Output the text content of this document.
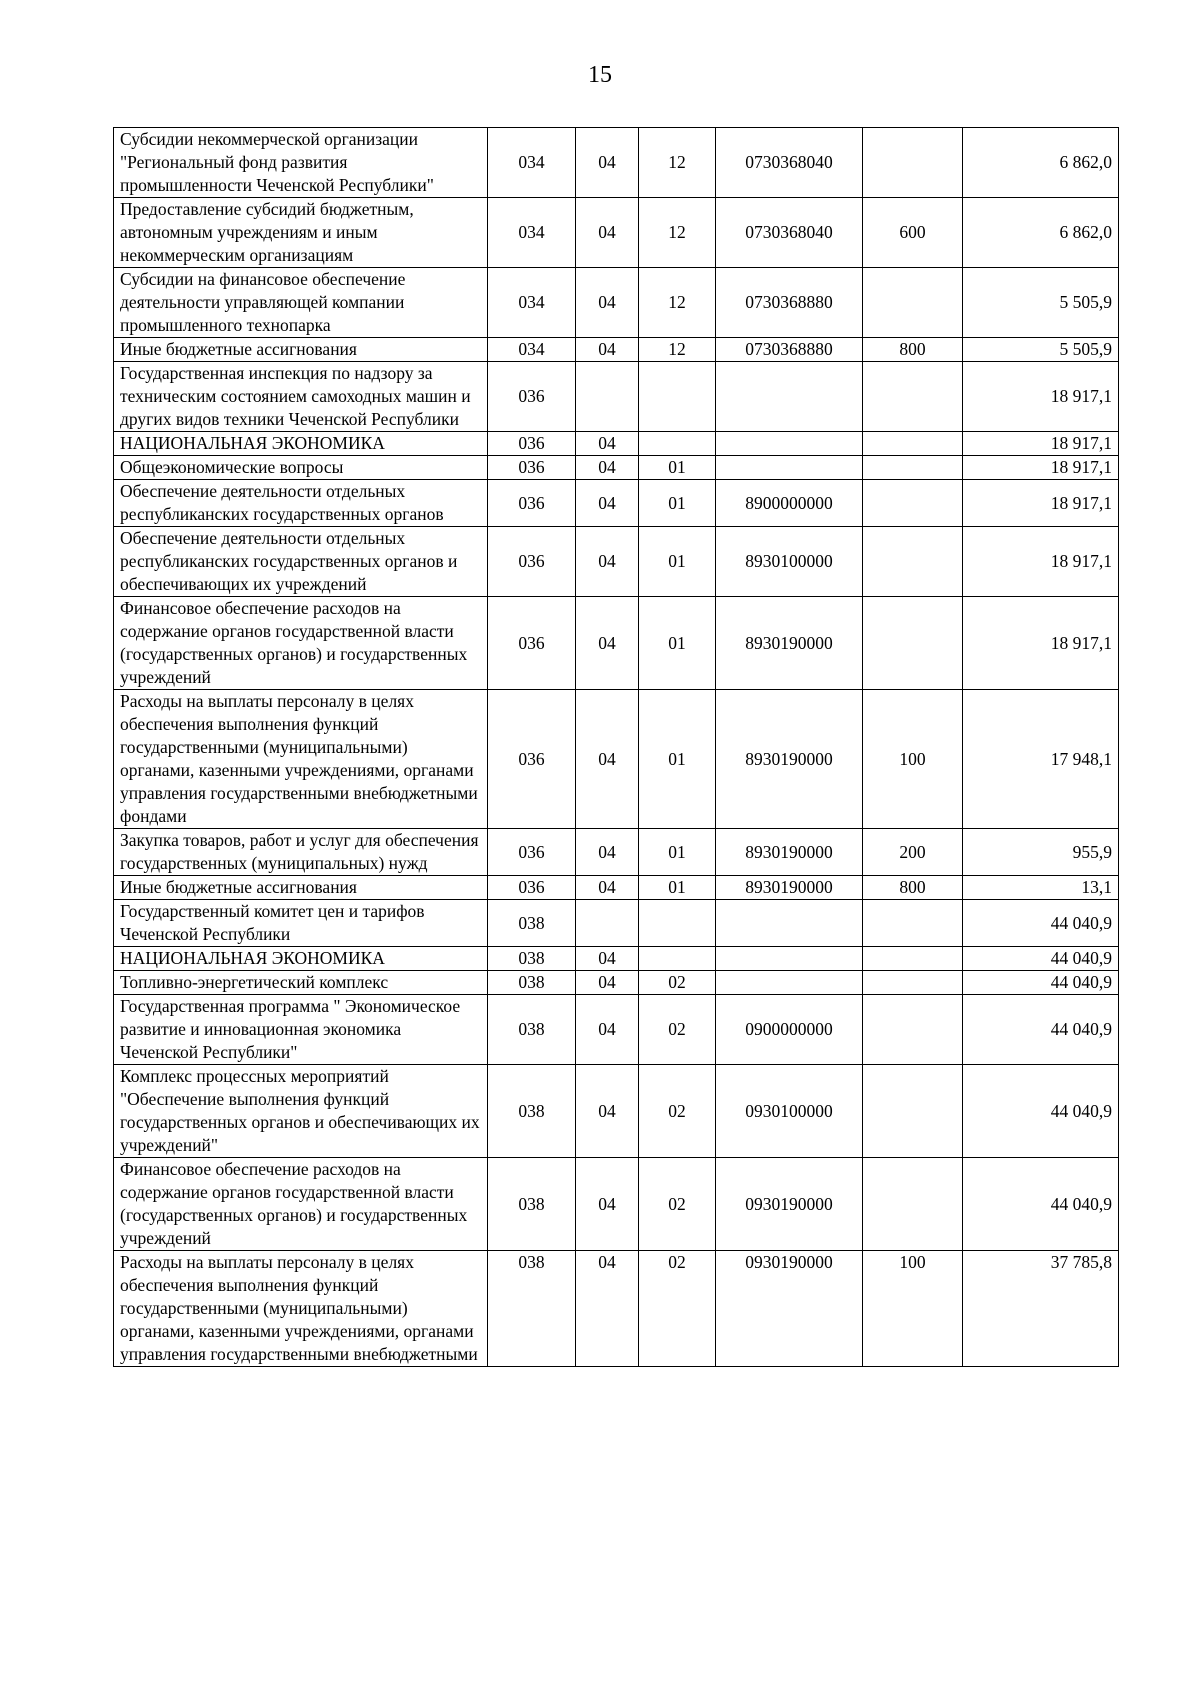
15
Субсидии некоммерческой организации "Региональный фонд развития промышленности Чеченской Республики"	034	04	12	0730368040		6 862,0
Предоставление субсидий бюджетным, автономным учреждениям и иным некоммерческим организациям	034	04	12	0730368040	600	6 862,0
Субсидии на финансовое обеспечение деятельности управляющей компании промышленного технопарка	034	04	12	0730368880		5 505,9
Иные бюджетные ассигнования	034	04	12	0730368880	800	5 505,9
Государственная инспекция по надзору за техническим состоянием самоходных машин и других видов техники Чеченской Республики	036					18 917,1
НАЦИОНАЛЬНАЯ ЭКОНОМИКА	036	04				18 917,1
Общеэкономические вопросы	036	04	01			18 917,1
Обеспечение деятельности отдельных республиканских государственных органов	036	04	01	8900000000		18 917,1
Обеспечение деятельности отдельных республиканских государственных органов и обеспечивающих их учреждений	036	04	01	8930100000		18 917,1
Финансовое обеспечение расходов на содержание органов государственной власти (государственных органов) и государственных учреждений	036	04	01	8930190000		18 917,1
Расходы на выплаты персоналу в целях обеспечения выполнения функций государственными (муниципальными) органами, казенными учреждениями, органами управления государственными внебюджетными фондами	036	04	01	8930190000	100	17 948,1
Закупка товаров, работ и услуг для обеспечения государственных (муниципальных) нужд	036	04	01	8930190000	200	955,9
Иные бюджетные ассигнования	036	04	01	8930190000	800	13,1
Государственный комитет цен и тарифов Чеченской Республики	038					44 040,9
НАЦИОНАЛЬНАЯ ЭКОНОМИКА	038	04				44 040,9
Топливно-энергетический комплекс	038	04	02			44 040,9
Государственная программа " Экономическое развитие и инновационная экономика Чеченской Республики"	038	04	02	0900000000		44 040,9
Комплекс процессных мероприятий "Обеспечение выполнения функций государственных органов и обеспечивающих их учреждений"	038	04	02	0930100000		44 040,9
Финансовое обеспечение расходов на содержание органов государственной власти (государственных органов) и государственных учреждений	038	04	02	0930190000		44 040,9
Расходы на выплаты персоналу в целях обеспечения выполнения функций государственными (муниципальными) органами, казенными учреждениями, органами управления государственными внебюджетными	038	04	02	0930190000	100	37 785,8
